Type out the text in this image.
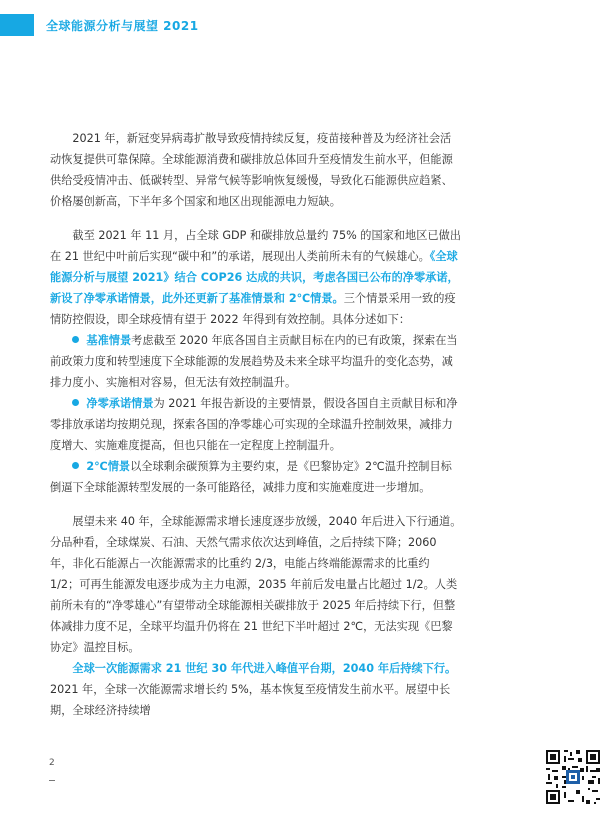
全球能源分析与展望 2021

2021 年，新冠变异病毒扩散导致疫情持续反复，疫苗接种普及为经济社会活动恢复提供可靠保障。全球能源消费和碳排放总体回升至疫情发生前水平，但能源供给受疫情冲击、低碳转型、异常气候等影响恢复缓慢，导致化石能源供应趋紧、价格屡创新高，下半年多个国家和地区出现能源电力短缺。

截至 2021 年 11 月，占全球 GDP 和碳排放总量约 75% 的国家和地区已做出在 21 世纪中叶前后实现“碳中和”的承诺，展现出人类前所未有的气候雄心。《全球能源分析与展望 2021》结合 COP26 达成的共识，考虑各国已公布的净零承诺，新设了净零承诺情景，此外还更新了基准情景和 2℃情景。三个情景采用一致的疫情防控假设，即全球疫情有望于 2022 年得到有效控制。具体分述如下：

基准情景考虑截至 2020 年底各国自主贡献目标在内的已有政策，探索在当前政策力度和转型速度下全球能源的发展趋势及未来全球平均温升的变化态势，减排力度小、实施相对容易，但无法有效控制温升。

净零承诺情景为 2021 年报告新设的主要情景，假设各国自主贡献目标和净零排放承诺均按期兑现，探索各国的净零雄心可实现的全球温升控制效果，减排力度增大、实施难度提高，但也只能在一定程度上控制温升。

2℃情景以全球剩余碳预算为主要约束，是《巴黎协定》2℃温升控制目标倒逼下全球能源转型发展的一条可能路径，减排力度和实施难度进一步增加。

展望未来 40 年，全球能源需求增长速度逐步放缓，2040 年后进入下行通道。分品种看，全球煤炭、石油、天然气需求依次达到峰值，之后持续下降；2060 年，非化石能源占一次能源需求的比重约 2/3，电能占终端能源需求的比重约 1/2；可再生能源发电逐步成为主力电源，2035 年前后发电量占比超过 1/2。人类前所未有的“净零雄心”有望带动全球能源相关碳排放于 2025 年后持续下行，但整体减排力度不足，全球平均温升仍将在 21 世纪下半叶超过 2℃，无法实现《巴黎协定》温控目标。

全球一次能源需求 21 世纪 30 年代进入峰值平台期，2040 年后持续下行。2021 年，全球一次能源需求增长约 5%，基本恢复至疫情发生前水平。展望中长期，全球经济持续增

2
